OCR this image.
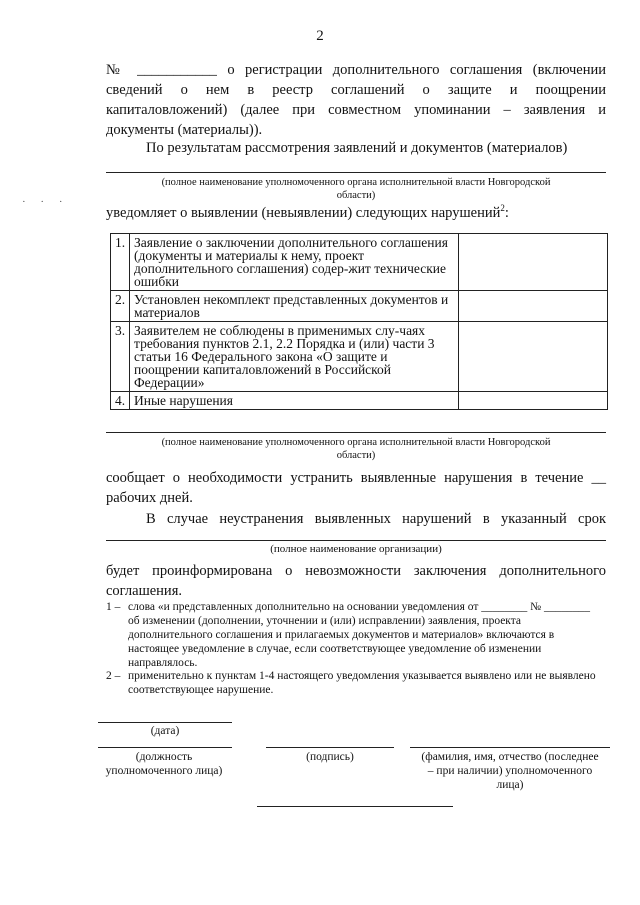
2
№ ___________ о регистрации дополнительного соглашения (включении
сведений о нем в реестр соглашений о защите и поощрении
капиталовложений) (далее при совместном упоминании – заявления и
документы (материалы)).
По результатам рассмотрения заявлений и документов (материалов)
(полное наименование уполномоченного органа исполнительной власти Новгородской области)
· · ·
уведомляет о выявлении (невыявлении) следующих нарушений$^2$:
1.	Заявление о заключении дополнительного соглашения (документы и материалы к нему, проект дополнительного соглашения) содер-жит технические ошибки	
2.	Установлен некомплект представленных документов и материалов	
3.	Заявителем не соблюдены в применимых слу-чаях требования пунктов 2.1, 2.2 Порядка и (или) части 3 статьи 16 Федерального закона «О защите и поощрении капиталовложений в Российской Федерации»	
4.	Иные нарушения	
(полное наименование уполномоченного органа исполнительной власти Новгородской области)
сообщает о необходимости устранить выявленные нарушения в течение __
рабочих дней.
В случае неустранения выявленных нарушений в указанный срок
(полное наименование организации)
будет проинформирована о невозможности заключения дополнительного
соглашения.
1 – слова «и представленных дополнительно на основании уведомления от ________ № ________ об изменении (дополнении, уточнении и (или) исправлении) заявления, проекта дополнительного соглашения и прилагаемых документов и материалов» включаются в настоящее уведомление в случае, если соответствующее уведомление об изменении направлялось.
2 – применительно к пунктам 1-4 настоящего уведомления указывается выявлено или не выявлено соответствующее нарушение.
(дата)
(должность уполномоченного лица)
(подпись)	(фамилия, имя, отчество (последнее – при наличии) уполномоченного лица)
